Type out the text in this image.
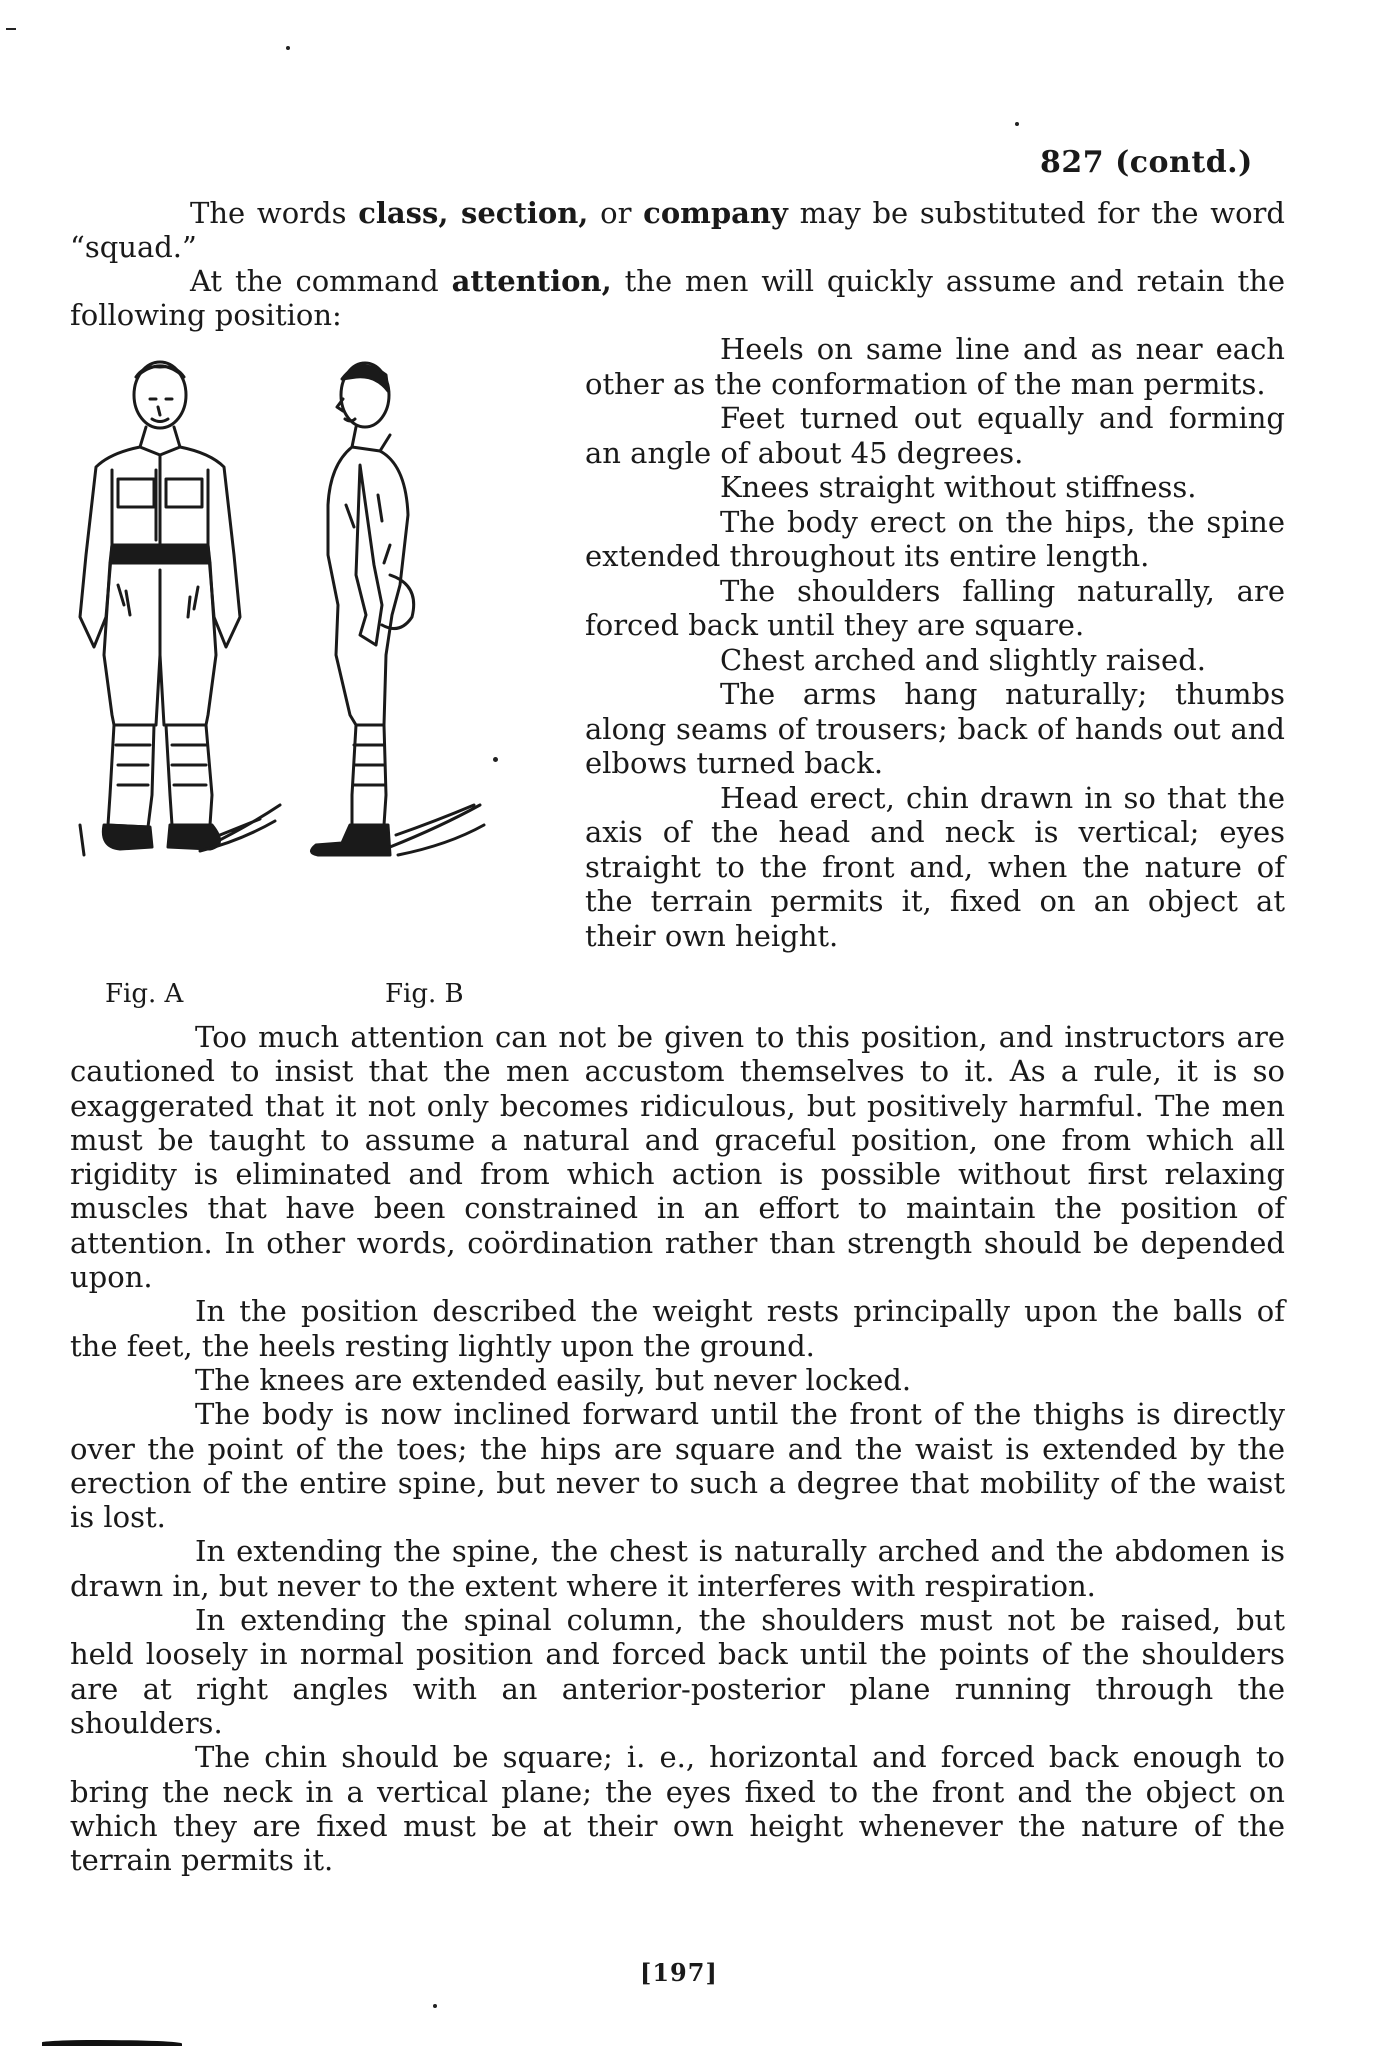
827 (contd.)

The words class, section, or company may be substituted for the word “squad.”

At the command attention, the men will quickly assume and retain the following position:

Fig. A	Fig. B

Heels on same line and as near each other as the conformation of the man permits.

Feet turned out equally and forming an angle of about 45 degrees.

Knees straight without stiffness.

The body erect on the hips, the spine extended throughout its entire length.

The shoulders falling naturally, are forced back until they are square.

Chest arched and slightly raised.

The arms hang naturally; thumbs along seams of trousers; back of hands out and elbows turned back.

Head erect, chin drawn in so that the axis of the head and neck is vertical; eyes straight to the front and, when the nature of the terrain permits it, fixed on an object at their own height.

Too much attention can not be given to this position, and instructors are cautioned to insist that the men accustom themselves to it. As a rule, it is so exaggerated that it not only becomes ridiculous, but positively harmful. The men must be taught to assume a natural and graceful position, one from which all rigidity is eliminated and from which action is possible without first relaxing muscles that have been constrained in an effort to maintain the position of attention. In other words, coördination rather than strength should be depended upon.

In the position described the weight rests principally upon the balls of the feet, the heels resting lightly upon the ground.

The knees are extended easily, but never locked.

The body is now inclined forward until the front of the thighs is directly over the point of the toes; the hips are square and the waist is extended by the erection of the entire spine, but never to such a degree that mobility of the waist is lost.

In extending the spine, the chest is naturally arched and the abdomen is drawn in, but never to the extent where it interferes with respiration.

In extending the spinal column, the shoulders must not be raised, but held loosely in normal position and forced back until the points of the shoulders are at right angles with an anterior-posterior plane running through the shoulders.

The chin should be square; i. e., horizontal and forced back enough to bring the neck in a vertical plane; the eyes fixed to the front and the object on which they are fixed must be at their own height whenever the nature of the terrain permits it.

[197]
